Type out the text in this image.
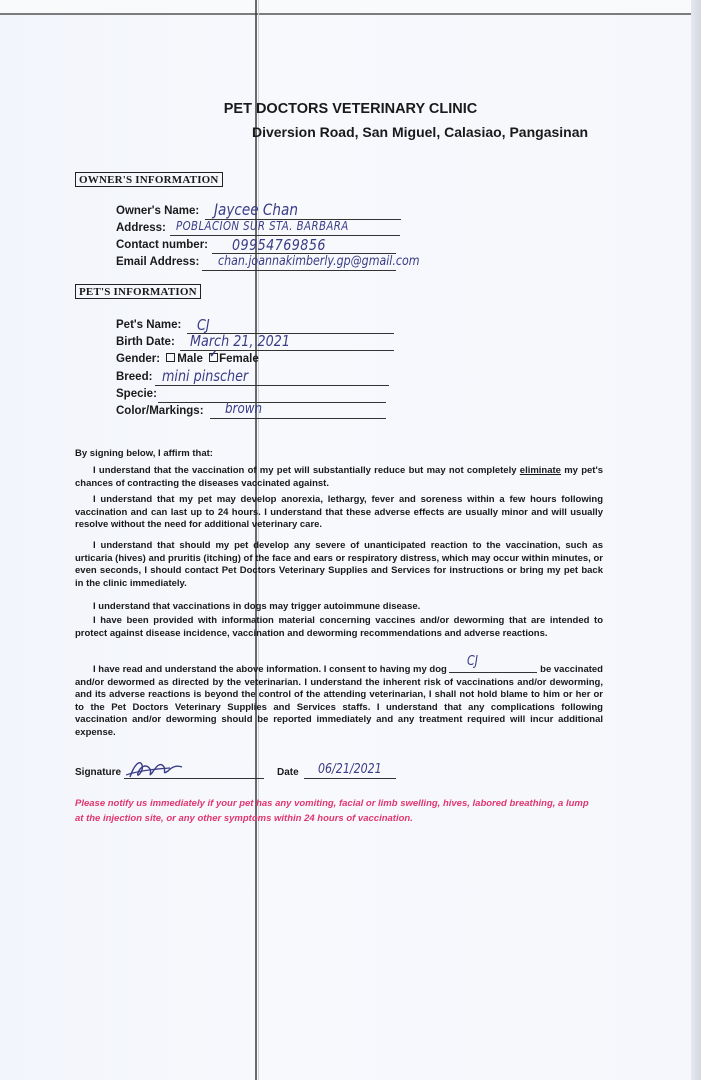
PET DOCTORS VETERINARY CLINIC
Diversion Road, San Miguel, Calasiao, Pangasinan
OWNER'S INFORMATION
Owner's Name: Jaycee Chan
Address: POBLACION SUR STA. BARBARA
Contact number: 09954769856
Email Address: chan.joannakimberly.gp@gmail.com
PET'S INFORMATION
Pet's Name: CJ
Birth Date: March 21, 2021
Gender: Male ✓ Female
Breed: mini pinscher
Specie:
Color/Markings: brown
By signing below, I affirm that:
I understand that the vaccination of my pet will substantially reduce but may not completely eliminate my pet's chances of contracting the diseases vaccinated against.
I understand that my pet may develop anorexia, lethargy, fever and soreness within a few hours following vaccination and can last up to 24 hours. I understand that these adverse effects are usually minor and will usually resolve without the need for additional veterinary care.
I understand that should my pet develop any severe of unanticipated reaction to the vaccination, such as urticaria (hives) and pruritis (itching) of the face and ears or respiratory distress, which may occur within minutes, or even seconds, I should contact Pet Doctors Veterinary Supplies and Services for instructions or bring my pet back in the clinic immediately.
I understand that vaccinations in dogs may trigger autoimmune disease.
I have been provided with information material concerning vaccines and/or deworming that are intended to protect against disease incidence, vaccination and deworming recommendations and adverse reactions.
I have read and understand the above information. I consent to having my dog
CJ
be vaccinated and/or dewormed as directed by the veterinarian. I understand the inherent risk of vaccinations and/or deworming, and its adverse reactions is beyond the control of the attending veterinarian, I shall not hold blame to him or her or to the Pet Doctors Veterinary Supplies and Services staffs. I understand that any complications following vaccination and/or deworming should be reported immediately and any treatment required will incur additional expense.
Signature	Date 06/21/2021
Please notify us immediately if your pet has any vomiting, facial or limb swelling, hives, labored breathing, a lump at the injection site, or any other symptoms within 24 hours of vaccination.
